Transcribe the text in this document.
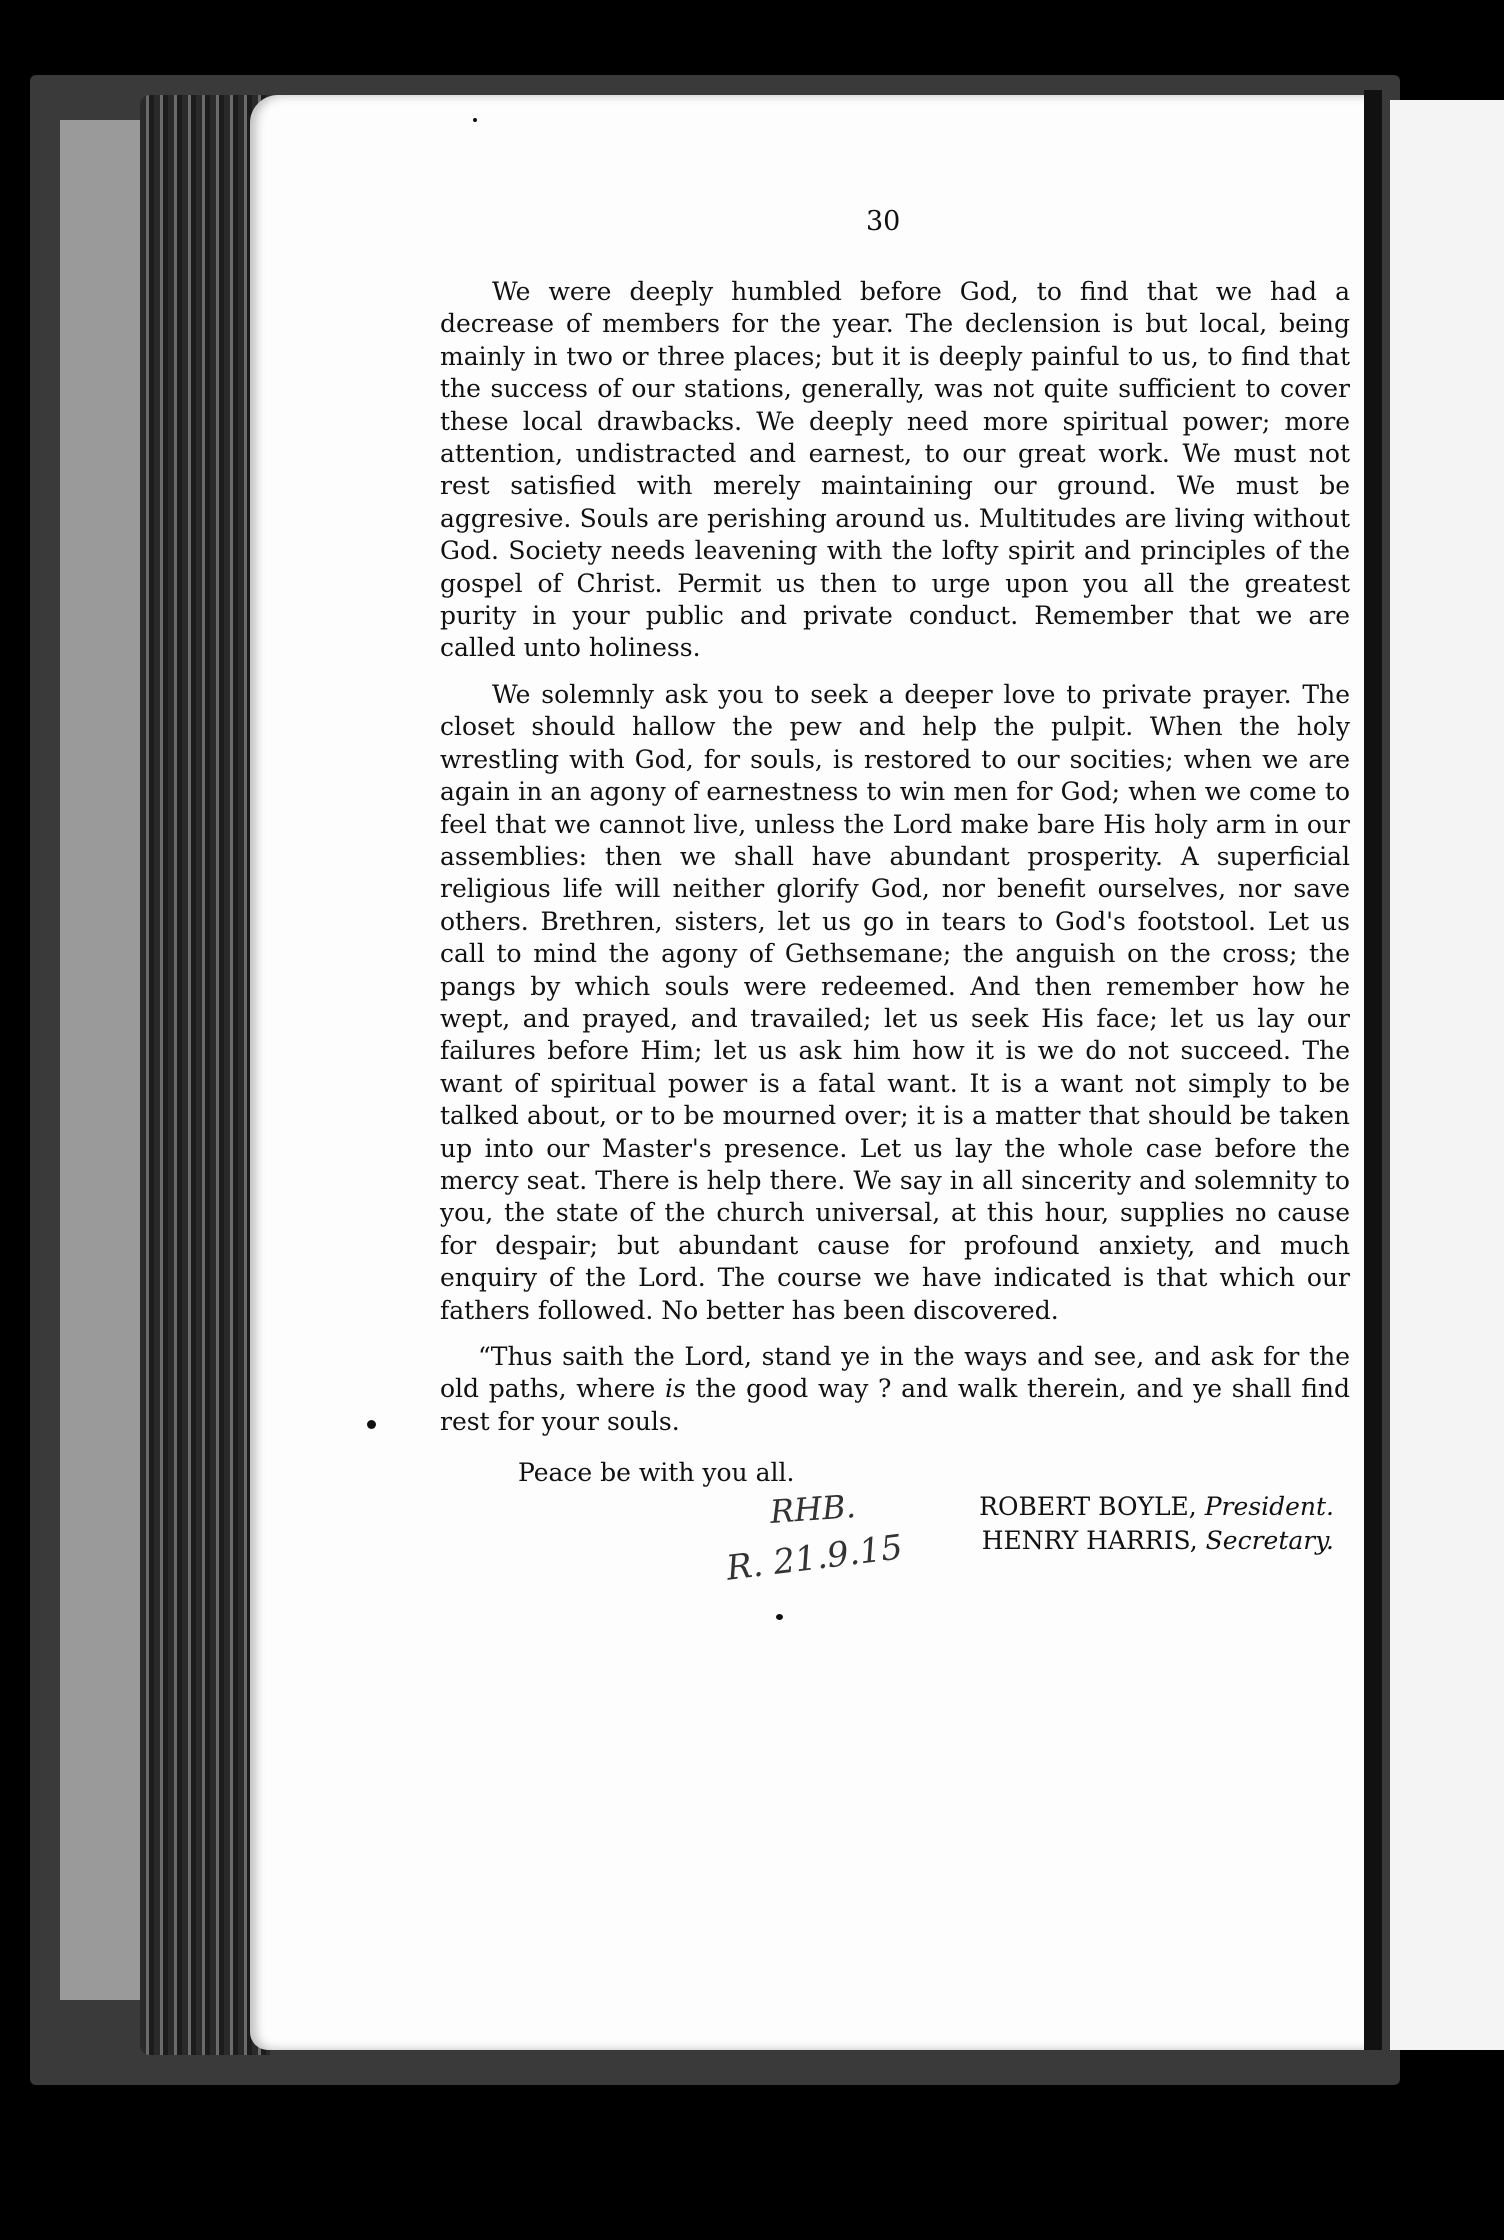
30

We were deeply humbled before God, to find that we had a decrease of members for the year. The declension is but local, being mainly in two or three places; but it is deeply painful to us, to find that the success of our stations, generally, was not quite sufficient to cover these local drawbacks. We deeply need more spiritual power; more attention, undistracted and earnest, to our great work. We must not rest satisfied with merely maintaining our ground. We must be aggresive. Souls are perishing around us. Multitudes are living without God. Society needs leavening with the lofty spirit and principles of the gospel of Christ. Permit us then to urge upon you all the greatest purity in your public and private conduct. Remember that we are called unto holiness.

We solemnly ask you to seek a deeper love to private prayer. The closet should hallow the pew and help the pulpit. When the holy wrestling with God, for souls, is restored to our socities; when we are again in an agony of earnestness to win men for God; when we come to feel that we cannot live, unless the Lord make bare His holy arm in our assemblies: then we shall have abundant prosperity. A superficial religious life will neither glorify God, nor benefit ourselves, nor save others. Brethren, sisters, let us go in tears to God's footstool. Let us call to mind the agony of Gethsemane; the anguish on the cross; the pangs by which souls were redeemed. And then remember how he wept, and prayed, and travailed; let us seek His face; let us lay our failures before Him; let us ask him how it is we do not succeed. The want of spiritual power is a fatal want. It is a want not simply to be talked about, or to be mourned over; it is a matter that should be taken up into our Master's presence. Let us lay the whole case before the mercy seat. There is help there. We say in all sincerity and solemnity to you, the state of the church universal, at this hour, supplies no cause for despair; but abundant cause for profound anxiety, and much enquiry of the Lord. The course we have indicated is that which our fathers followed. No better has been discovered.

“Thus saith the Lord, stand ye in the ways and see, and ask for the old paths, where is the good way ? and walk therein, and ye shall find rest for your souls.

Peace be with you all.
RHB.
R. 21.9.15
ROBERT BOYLE, President.
HENRY HARRIS, Secretary.
